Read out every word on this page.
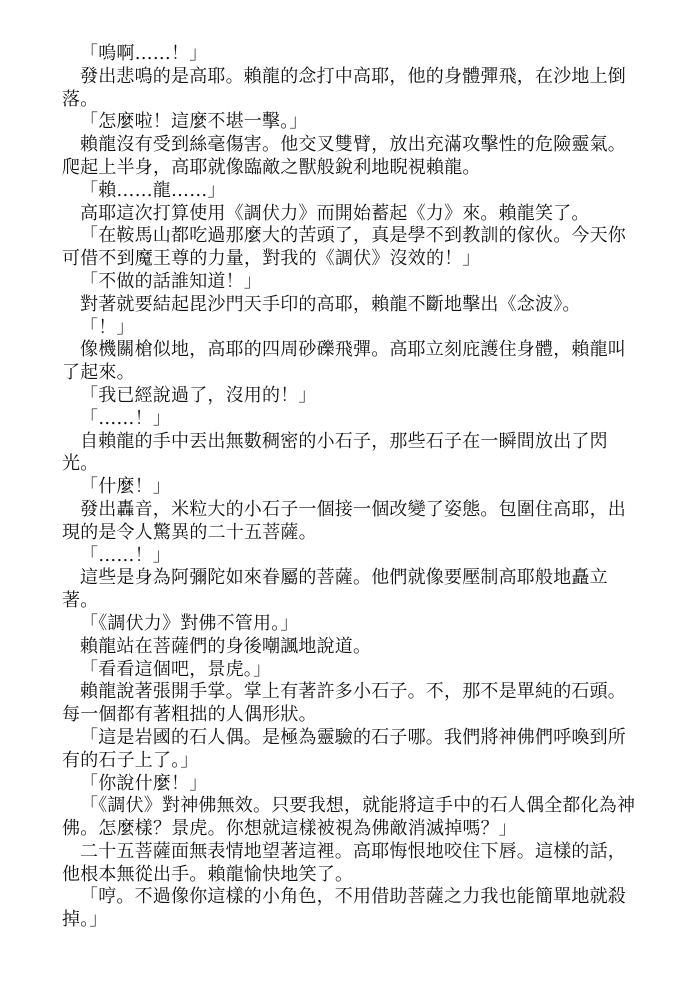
「嗚啊……！」

發出悲鳴的是高耶。賴龍的念打中高耶，他的身體彈飛，在沙地上倒落。

「怎麼啦！這麼不堪一擊。」

賴龍沒有受到絲毫傷害。他交叉雙臂，放出充滿攻擊性的危險靈氣。爬起上半身，高耶就像臨敵之獸般銳利地睨視賴龍。

「賴……龍……」

高耶這次打算使用《調伏力》而開始蓄起《力》來。賴龍笑了。

「在鞍馬山都吃過那麼大的苦頭了，真是學不到教訓的傢伙。今天你可借不到魔王尊的力量，對我的《調伏》沒效的！」

「不做的話誰知道！」

對著就要結起毘沙門天手印的高耶，賴龍不斷地擊出《念波》。

「！」

像機關槍似地，高耶的四周砂礫飛彈。高耶立刻庇護住身體，賴龍叫了起來。

「我已經說過了，沒用的！」

「……！」

自賴龍的手中丟出無數稠密的小石子，那些石子在一瞬間放出了閃光。

「什麼！」

發出轟音，米粒大的小石子一個接一個改變了姿態。包圍住高耶，出現的是令人驚異的二十五菩薩。

「……！」

這些是身為阿彌陀如來眷屬的菩薩。他們就像要壓制高耶般地矗立著。

「《調伏力》對佛不管用。」

賴龍站在菩薩們的身後嘲諷地說道。

「看看這個吧，景虎。」

賴龍說著張開手掌。掌上有著許多小石子。不，那不是單純的石頭。每一個都有著粗拙的人偶形狀。

「這是岩國的石人偶。是極為靈驗的石子哪。我們將神佛們呼喚到所有的石子上了。」

「你說什麼！」

「《調伏》對神佛無效。只要我想，就能將這手中的石人偶全都化為神佛。怎麼樣？景虎。你想就這樣被視為佛敵消滅掉嗎？」

二十五菩薩面無表情地望著這裡。高耶悔恨地咬住下唇。這樣的話，他根本無從出手。賴龍愉快地笑了。

「哼。不過像你這樣的小角色，不用借助菩薩之力我也能簡單地就殺掉。」
